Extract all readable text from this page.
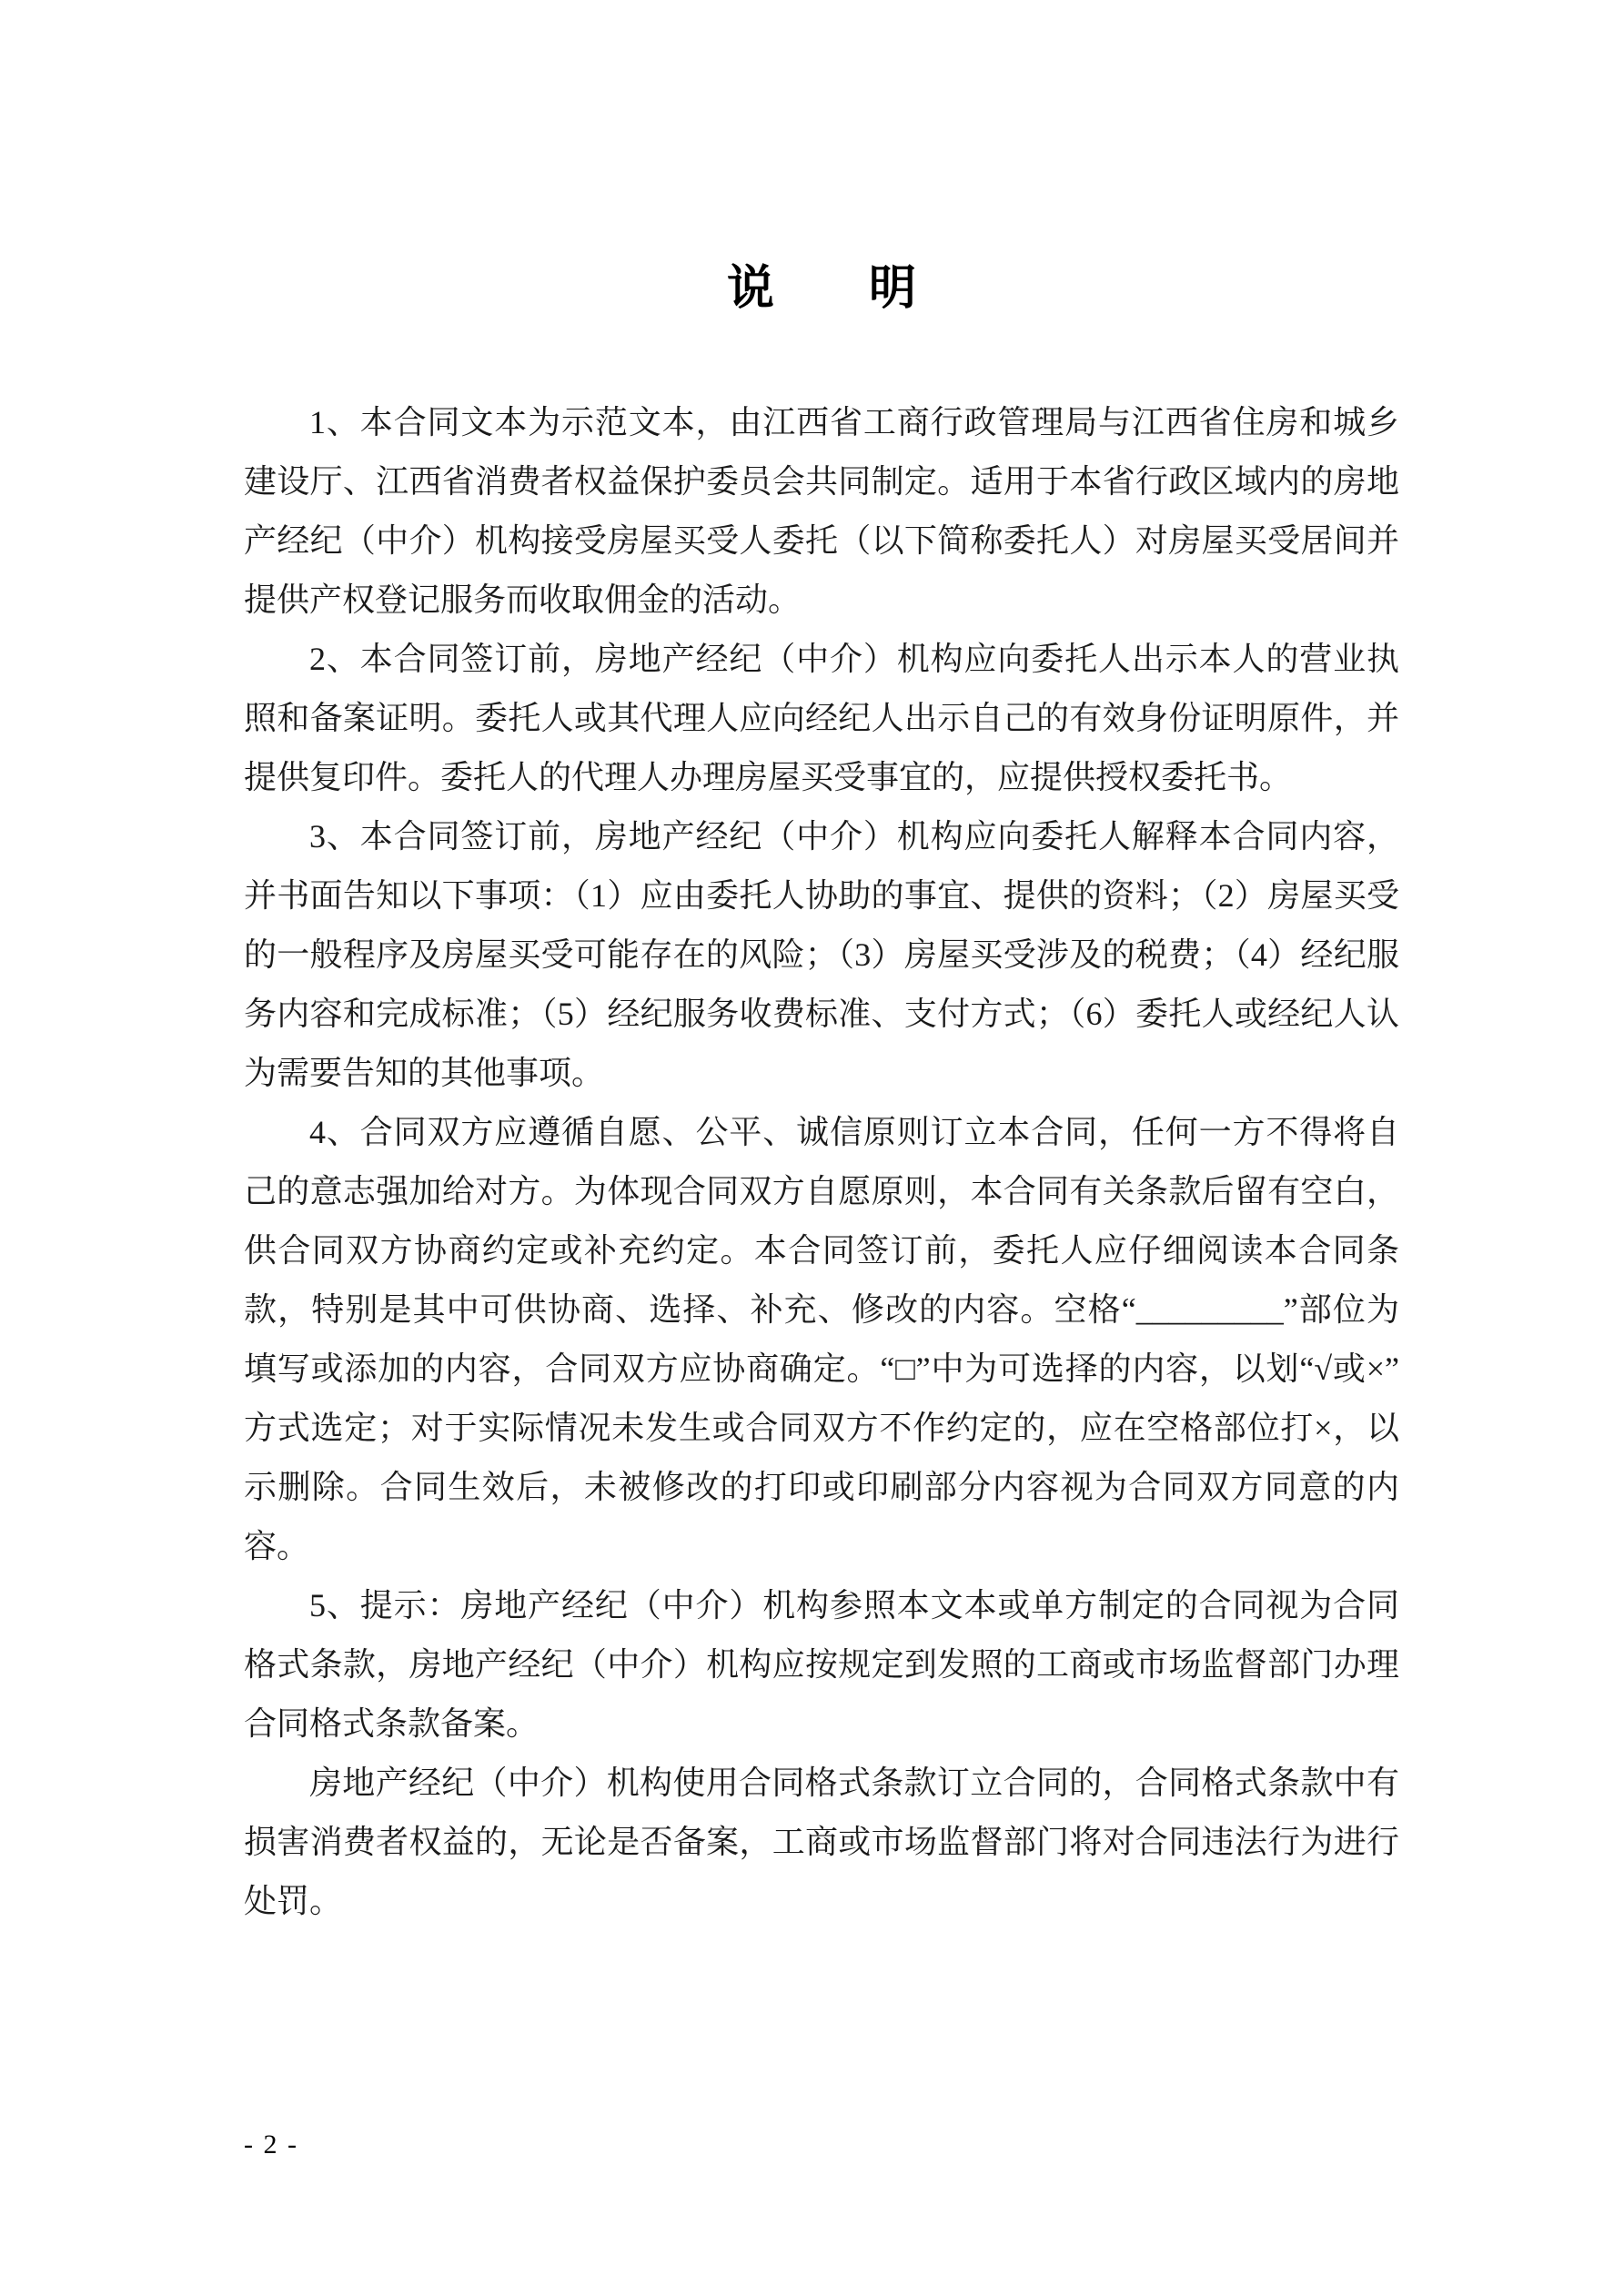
说　　明

1、本合同文本为示范文本，由江西省工商行政管理局与江西省住房和城乡建设厅、江西省消费者权益保护委员会共同制定。适用于本省行政区域内的房地产经纪（中介）机构接受房屋买受人委托（以下简称委托人）对房屋买受居间并提供产权登记服务而收取佣金的活动。

2、本合同签订前，房地产经纪（中介）机构应向委托人出示本人的营业执照和备案证明。委托人或其代理人应向经纪人出示自己的有效身份证明原件，并提供复印件。委托人的代理人办理房屋买受事宜的，应提供授权委托书。

3、本合同签订前，房地产经纪（中介）机构应向委托人解释本合同内容，并书面告知以下事项：（1）应由委托人协助的事宜、提供的资料；（2）房屋买受的一般程序及房屋买受可能存在的风险；（3）房屋买受涉及的税费；（4）经纪服务内容和完成标准；（5）经纪服务收费标准、支付方式；（6）委托人或经纪人认为需要告知的其他事项。

4、合同双方应遵循自愿、公平、诚信原则订立本合同，任何一方不得将自己的意志强加给对方。为体现合同双方自愿原则，本合同有关条款后留有空白，供合同双方协商约定或补充约定。本合同签订前，委托人应仔细阅读本合同条款，特别是其中可供协商、选择、补充、修改的内容。空格“_________”部位为填写或添加的内容，合同双方应协商确定。“□”中为可选择的内容，以划“√或×”方式选定；对于实际情况未发生或合同双方不作约定的，应在空格部位打×，以示删除。合同生效后，未被修改的打印或印刷部分内容视为合同双方同意的内容。

5、提示：房地产经纪（中介）机构参照本文本或单方制定的合同视为合同格式条款，房地产经纪（中介）机构应按规定到发照的工商或市场监督部门办理合同格式条款备案。

房地产经纪（中介）机构使用合同格式条款订立合同的，合同格式条款中有损害消费者权益的，无论是否备案，工商或市场监督部门将对合同违法行为进行处罚。

- 2 -
